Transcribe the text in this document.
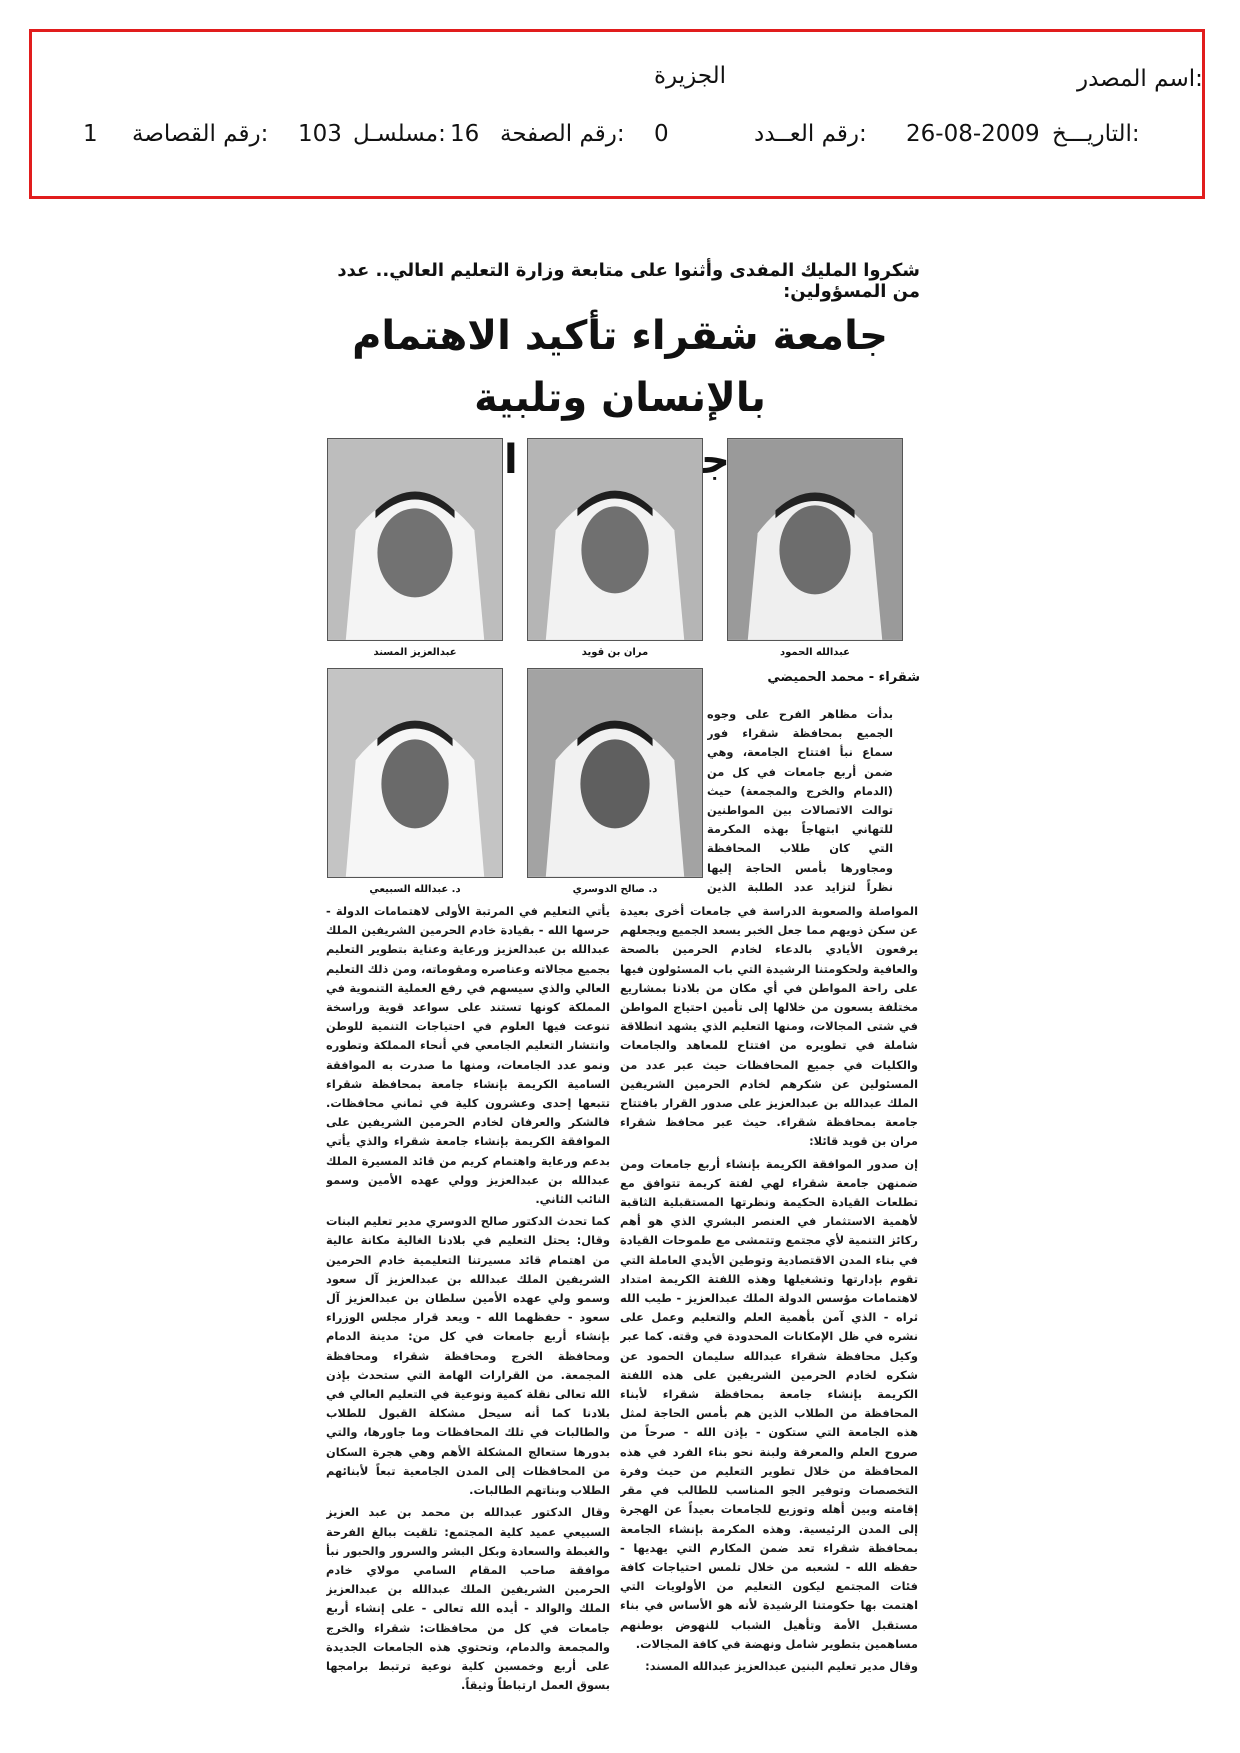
اسم المصدر:
الجزيرة
التاريـــخ:
26-08-2009
رقم العــدد:
0
رقم الصفحة:
16
مسلسـل:
103
رقم القصاصة:
1
شكروا المليك المفدى وأثنوا على متابعة وزارة التعليم العالي.. عدد من المسؤولين:
جامعة شقراء تأكيد الاهتمام بالإنسان وتلبية
عبدالله الحمود
مران بن قويد
عبدالعزيز المسند
شقراء - محمد الحميضي
د. صالح الدوسري
د. عبدالله السبيعي

بدأت مظاهر الفرح على وجوه الجميع بمحافظة شقراء فور سماع نبأ افتتاح الجامعة، وهي ضمن أربع جامعات في كل من (الدمام والخرج والمجمعة) حيث توالت الاتصالات بين المواطنين للتهاني ابتهاجاً بهذه المكرمة التي كان طلاب المحافظة ومجاورها بأمس الحاجة إليها نظراً لتزايد عدد الطلبة الذين

المواصلة والصعوبة الدراسة في جامعات أخرى بعيدة عن سكن ذويهم مما جعل الخبر يسعد الجميع ويجعلهم يرفعون الأيادي بالدعاء لخادم الحرمين بالصحة والعافية ولحكومتنا الرشيدة التي باب المسئولون فيها على راحة المواطن في أي مكان من بلادنا بمشاريع مختلفة يسعون من خلالها إلى تأمين احتياج المواطن في شتى المجالات، ومنها التعليم الذي يشهد انطلاقة شاملة في تطويره من افتتاح للمعاهد والجامعات والكليات في جميع المحافظات حيث عبر عدد من المسئولين عن شكرهم لخادم الحرمين الشريفين الملك عبدالله بن عبدالعزيز على صدور القرار بافتتاح جامعة بمحافظة شقراء. حيث عبر محافظ شقراء مران بن قويد قائلا:

إن صدور الموافقة الكريمة بإنشاء أربع جامعات ومن ضمنهن جامعة شقراء لهي لفتة كريمة تتوافق مع تطلعات القيادة الحكيمة ونظرتها المستقبلية الثاقبة لأهمية الاستثمار في العنصر البشري الذي هو أهم ركائز التنمية لأي مجتمع وتتمشى مع طموحات القيادة في بناء المدن الاقتصادية وتوطين الأيدي العاملة التي تقوم بإدارتها وتشغيلها وهذه اللفتة الكريمة امتداد لاهتمامات مؤسس الدولة الملك عبدالعزيز - طيب الله ثراه - الذي آمن بأهمية العلم والتعليم وعمل على نشره في ظل الإمكانات المحدودة في وقته. كما عبر وكيل محافظة شقراء عبدالله سليمان الحمود عن شكره لخادم الحرمين الشريفين على هذه اللفتة الكريمة بإنشاء جامعة بمحافظة شقراء لأبناء المحافظة من الطلاب الذين هم بأمس الحاجة لمثل هذه الجامعة التي ستكون - بإذن الله - صرحاً من صروح العلم والمعرفة ولبنة نحو بناء الفرد في هذه المحافظة من خلال تطوير التعليم من حيث وفرة التخصصات وتوفير الجو المناسب للطالب في مقر إقامته وبين أهله وتوزيع للجامعات بعيداً عن الهجرة إلى المدن الرئيسية. وهذه المكرمة بإنشاء الجامعة بمحافظة شقراء تعد ضمن المكارم التي يهديها - حفظه الله - لشعبه من خلال تلمس احتياجات كافة فئات المجتمع ليكون التعليم من الأولويات التي اهتمت بها حكومتنا الرشيدة لأنه هو الأساس في بناء مستقبل الأمة وتأهيل الشباب للنهوض بوطنهم مساهمين بتطوير شامل ونهضة في كافة المجالات.

وقال مدير تعليم البنين عبدالعزيز عبدالله المسند:

يأتي التعليم في المرتبة الأولى لاهتمامات الدولة - حرسها الله - بقيادة خادم الحرمين الشريفين الملك عبدالله بن عبدالعزيز ورعاية وعناية بتطوير التعليم بجميع مجالاته وعناصره ومقوماته، ومن ذلك التعليم العالي والذي سيسهم في رفع العملية التنموية في المملكة كونها تستند على سواعد قوية وراسخة تنوعت فيها العلوم في احتياجات التنمية للوطن وانتشار التعليم الجامعي في أنحاء المملكة وتطوره ونمو عدد الجامعات، ومنها ما صدرت به الموافقة السامية الكريمة بإنشاء جامعة بمحافظة شقراء تتبعها إحدى وعشرون كلية في ثماني محافظات. فالشكر والعرفان لخادم الحرمين الشريفين على الموافقة الكريمة بإنشاء جامعة شقراء والذي يأتي بدعم ورعاية واهتمام كريم من قائد المسيرة الملك عبدالله بن عبدالعزيز وولي عهده الأمين وسمو النائب الثاني.

كما تحدث الدكتور صالح الدوسري مدير تعليم البنات وقال: يحتل التعليم في بلادنا الغالية مكانة عالية من اهتمام قائد مسيرتنا التعليمية خادم الحرمين الشريفين الملك عبدالله بن عبدالعزيز آل سعود وسمو ولي عهده الأمين سلطان بن عبدالعزيز آل سعود - حفظهما الله - ويعد قرار مجلس الوزراء بإنشاء أربع جامعات في كل من: مدينة الدمام ومحافظة الخرج ومحافظة شقراء ومحافظة المجمعة. من القرارات الهامة التي ستحدث بإذن الله تعالى نقلة كمية ونوعية في التعليم العالي في بلادنا كما أنه سيحل مشكلة القبول للطلاب والطالبات في تلك المحافظات وما جاورها، والتي بدورها ستعالج المشكلة الأهم وهي هجرة السكان من المحافظات إلى المدن الجامعية تبعاً لأبنائهم الطلاب وبناتهم الطالبات.

وقال الدكتور عبدالله بن محمد بن عبد العزيز السبيعي عميد كلية المجتمع: تلقيت ببالغ الفرحة والغبطة والسعادة وبكل البشر والسرور والحبور نبأ موافقة صاحب المقام السامي مولاي خادم الحرمين الشريفين الملك عبدالله بن عبدالعزيز الملك والوالد - أيده الله تعالى - على إنشاء أربع جامعات في كل من محافظات: شقراء والخرج والمجمعة والدمام، وتحتوي هذه الجامعات الجديدة على أربع وخمسين كلية نوعية ترتبط برامجها بسوق العمل ارتباطاً وثيقاً.
